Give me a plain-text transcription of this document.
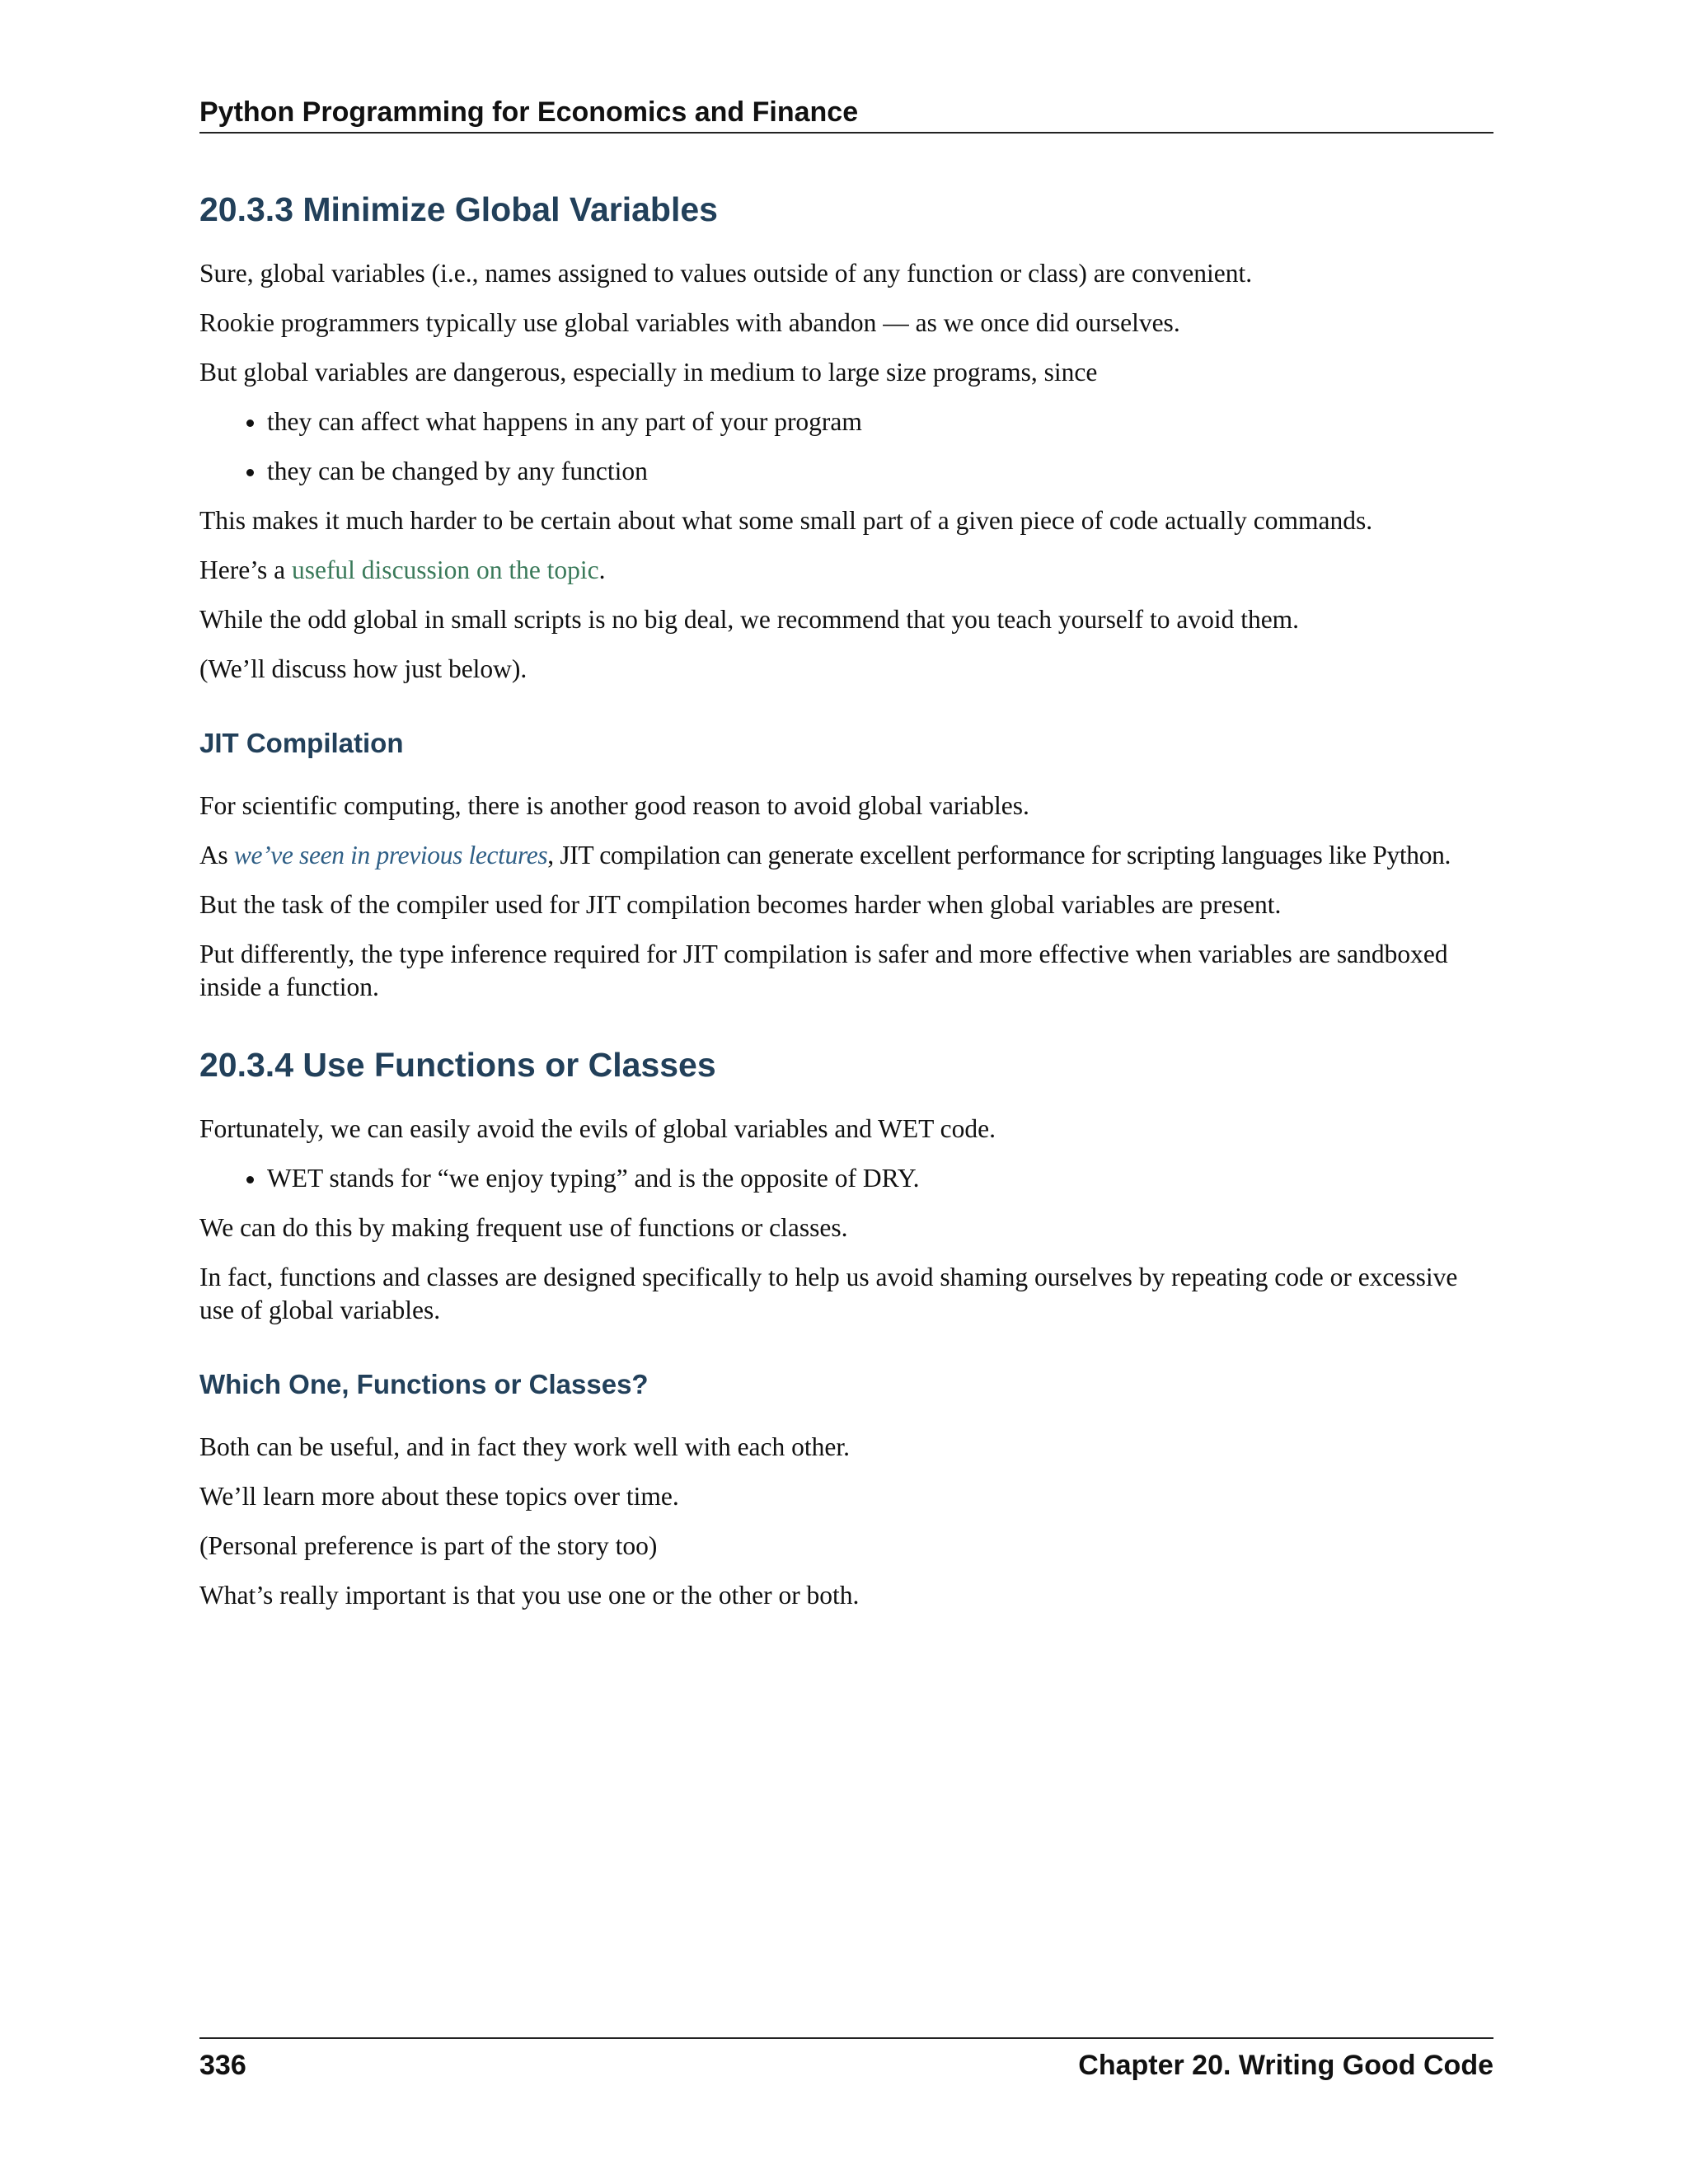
Python Programming for Economics and Finance
20.3.3 Minimize Global Variables

Sure, global variables (i.e., names assigned to values outside of any function or class) are convenient.

Rookie programmers typically use global variables with abandon — as we once did ourselves.

But global variables are dangerous, especially in medium to large size programs, since

• they can affect what happens in any part of your program
• they can be changed by any function

This makes it much harder to be certain about what some small part of a given piece of code actually commands.

Here’s a useful discussion on the topic.

While the odd global in small scripts is no big deal, we recommend that you teach yourself to avoid them.

(We’ll discuss how just below).

JIT Compilation

For scientific computing, there is another good reason to avoid global variables.

As we’ve seen in previous lectures, JIT compilation can generate excellent performance for scripting languages like Python.

But the task of the compiler used for JIT compilation becomes harder when global variables are present.

Put differently, the type inference required for JIT compilation is safer and more effective when variables are sandboxed inside a function.

20.3.4 Use Functions or Classes

Fortunately, we can easily avoid the evils of global variables and WET code.

• WET stands for “we enjoy typing” and is the opposite of DRY.

We can do this by making frequent use of functions or classes.

In fact, functions and classes are designed specifically to help us avoid shaming ourselves by repeating code or excessive use of global variables.

Which One, Functions or Classes?

Both can be useful, and in fact they work well with each other.

We’ll learn more about these topics over time.

(Personal preference is part of the story too)

What’s really important is that you use one or the other or both.

336	Chapter 20. Writing Good Code
